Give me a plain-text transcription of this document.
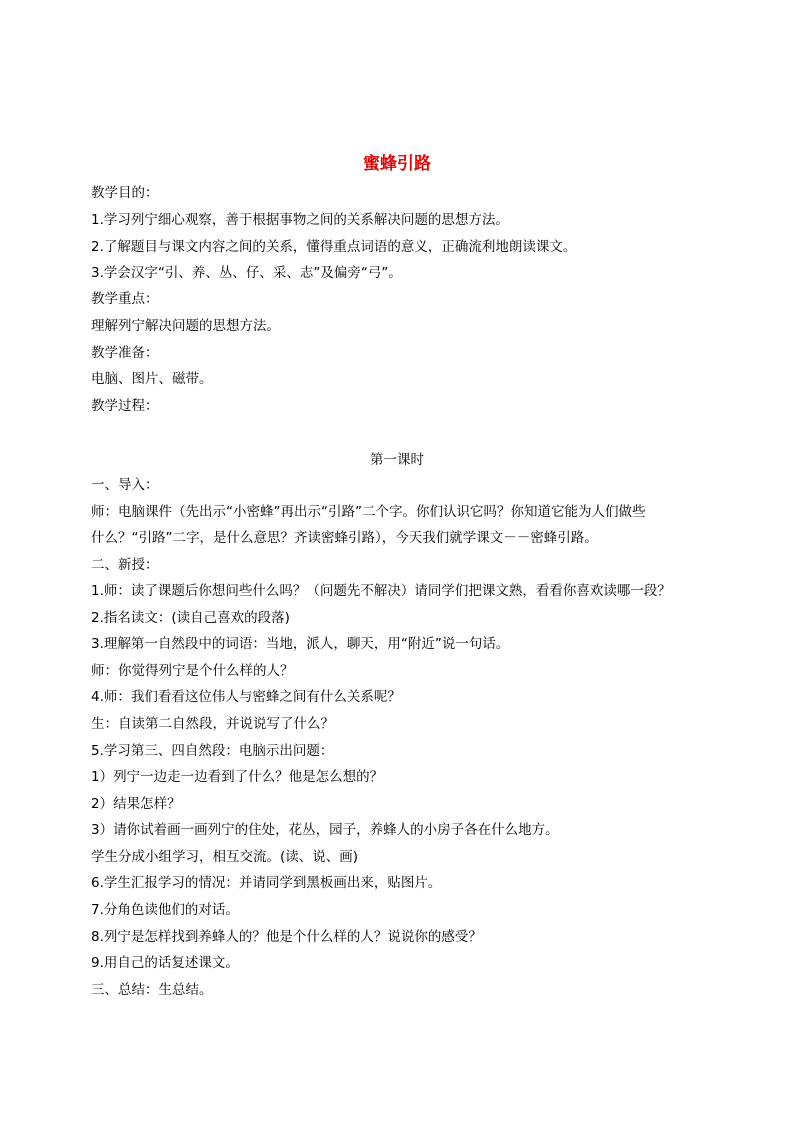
蜜蜂引路
教学目的：
1.学习列宁细心观察，善于根据事物之间的关系解决问题的思想方法。
2.了解题目与课文内容之间的关系，懂得重点词语的意义，正确流利地朗读课文。
3.学会汉字“引、养、丛、仔、采、志”及偏旁“弓”。
教学重点：
理解列宁解决问题的思想方法。
教学准备：
电脑、图片、磁带。
教学过程：
第一课时
一、导入：
师：电脑课件（先出示“小密蜂”再出示“引路”二个字。你们认识它吗？你知道它能为人们做些
什么？“引路”二字，是什么意思？齐读密蜂引路），今天我们就学课文－－密蜂引路。
二、新授：
1.师：读了课题后你想问些什么吗？（问题先不解决）请同学们把课文熟，看看你喜欢读哪一段？
2.指名读文：(读自己喜欢的段落)
3.理解第一自然段中的词语：当地，派人，聊天，用“附近”说一句话。
师：你觉得列宁是个什么样的人？
4.师：我们看看这位伟人与密蜂之间有什么关系呢？
生：自读第二自然段，并说说写了什么？
5.学习第三、四自然段：电脑示出问题：
1）列宁一边走一边看到了什么？他是怎么想的？
2）结果怎样？
3）请你试着画一画列宁的住处，花丛，园子，养蜂人的小房子各在什么地方。
学生分成小组学习，相互交流。(读、说、画)
6.学生汇报学习的情况：并请同学到黑板画出来，贴图片。
7.分角色读他们的对话。
8.列宁是怎样找到养蜂人的？他是个什么样的人？说说你的感受？
9.用自己的话复述课文。
三、总结：生总结。
